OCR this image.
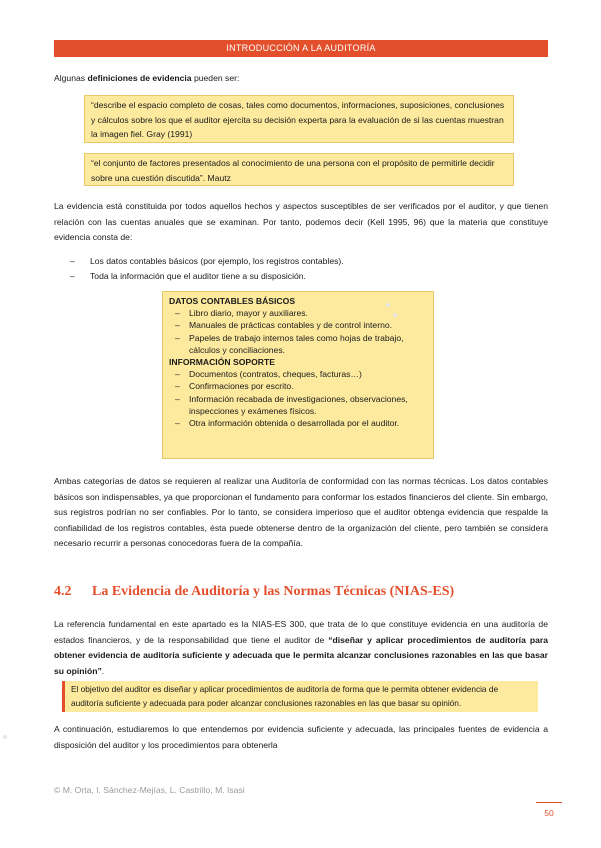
INTRODUCCIÓN A LA AUDITORÍA
Algunas definiciones de evidencia pueden ser:
“describe el espacio completo de cosas, tales como documentos, informaciones, suposiciones, conclusiones y cálculos sobre los que el auditor ejercita su decisión experta para la evaluación de si las cuentas muestran la imagen fiel. Gray (1991)
“el conjunto de factores presentados al conocimiento de una persona con el propósito de permitirle decidir sobre una cuestión discutida”. Mautz
La evidencia está constituida por todos aquellos hechos y aspectos susceptibles de ser verificados por el auditor, y que tienen relación con las cuentas anuales que se examinan. Por tanto, podemos decir (Kell 1995, 96) que la materia que constituye evidencia consta de:
– Los datos contables básicos (por ejemplo, los registros contables).
– Toda la información que el auditor tiene a su disposición.
DATOS CONTABLES BÁSICOS
– Libro diario, mayor y auxiliares.
– Manuales de prácticas contables y de control interno.
– Papeles de trabajo internos tales como hojas de trabajo, cálculos y conciliaciones.
INFORMACIÓN SOPORTE
– Documentos (contratos, cheques, facturas…)
– Confirmaciones por escrito.
– Información recabada de investigaciones, observaciones, inspecciones y exámenes físicos.
– Otra información obtenida o desarrollada por el auditor.
Ambas categorías de datos se requieren al realizar una Auditoría de conformidad con las normas técnicas. Los datos contables básicos son indispensables, ya que proporcionan el fundamento para conformar los estados financieros del cliente. Sin embargo, sus registros podrían no ser confiables. Por lo tanto, se considera imperioso que el auditor obtenga evidencia que respalde la confiabilidad de los registros contables, ésta puede obtenerse dentro de la organización del cliente, pero también se considera necesario recurrir a personas conocedoras fuera de la compañía.
4.2 La Evidencia de Auditoría y las Normas Técnicas (NIAS-ES)
La referencia fundamental en este apartado es la NIAS-ES 300, que trata de lo que constituye evidencia en una auditoría de estados financieros, y de la responsabilidad que tiene el auditor de “diseñar y aplicar procedimientos de auditoría para obtener evidencia de auditoría suficiente y adecuada que le permita alcanzar conclusiones razonables en las que basar su opinión”.
El objetivo del auditor es diseñar y aplicar procedimientos de auditoría de forma que le permita obtener evidencia de auditoría suficiente y adecuada para poder alcanzar conclusiones razonables en las que basar su opinión.
A continuación, estudiaremos lo que entendemos por evidencia suficiente y adecuada, las principales fuentes de evidencia a disposición del auditor y los procedimientos para obtenerla
© M. Orta, I. Sánchez-Mejías, L. Castrillo, M. Isasi
50
